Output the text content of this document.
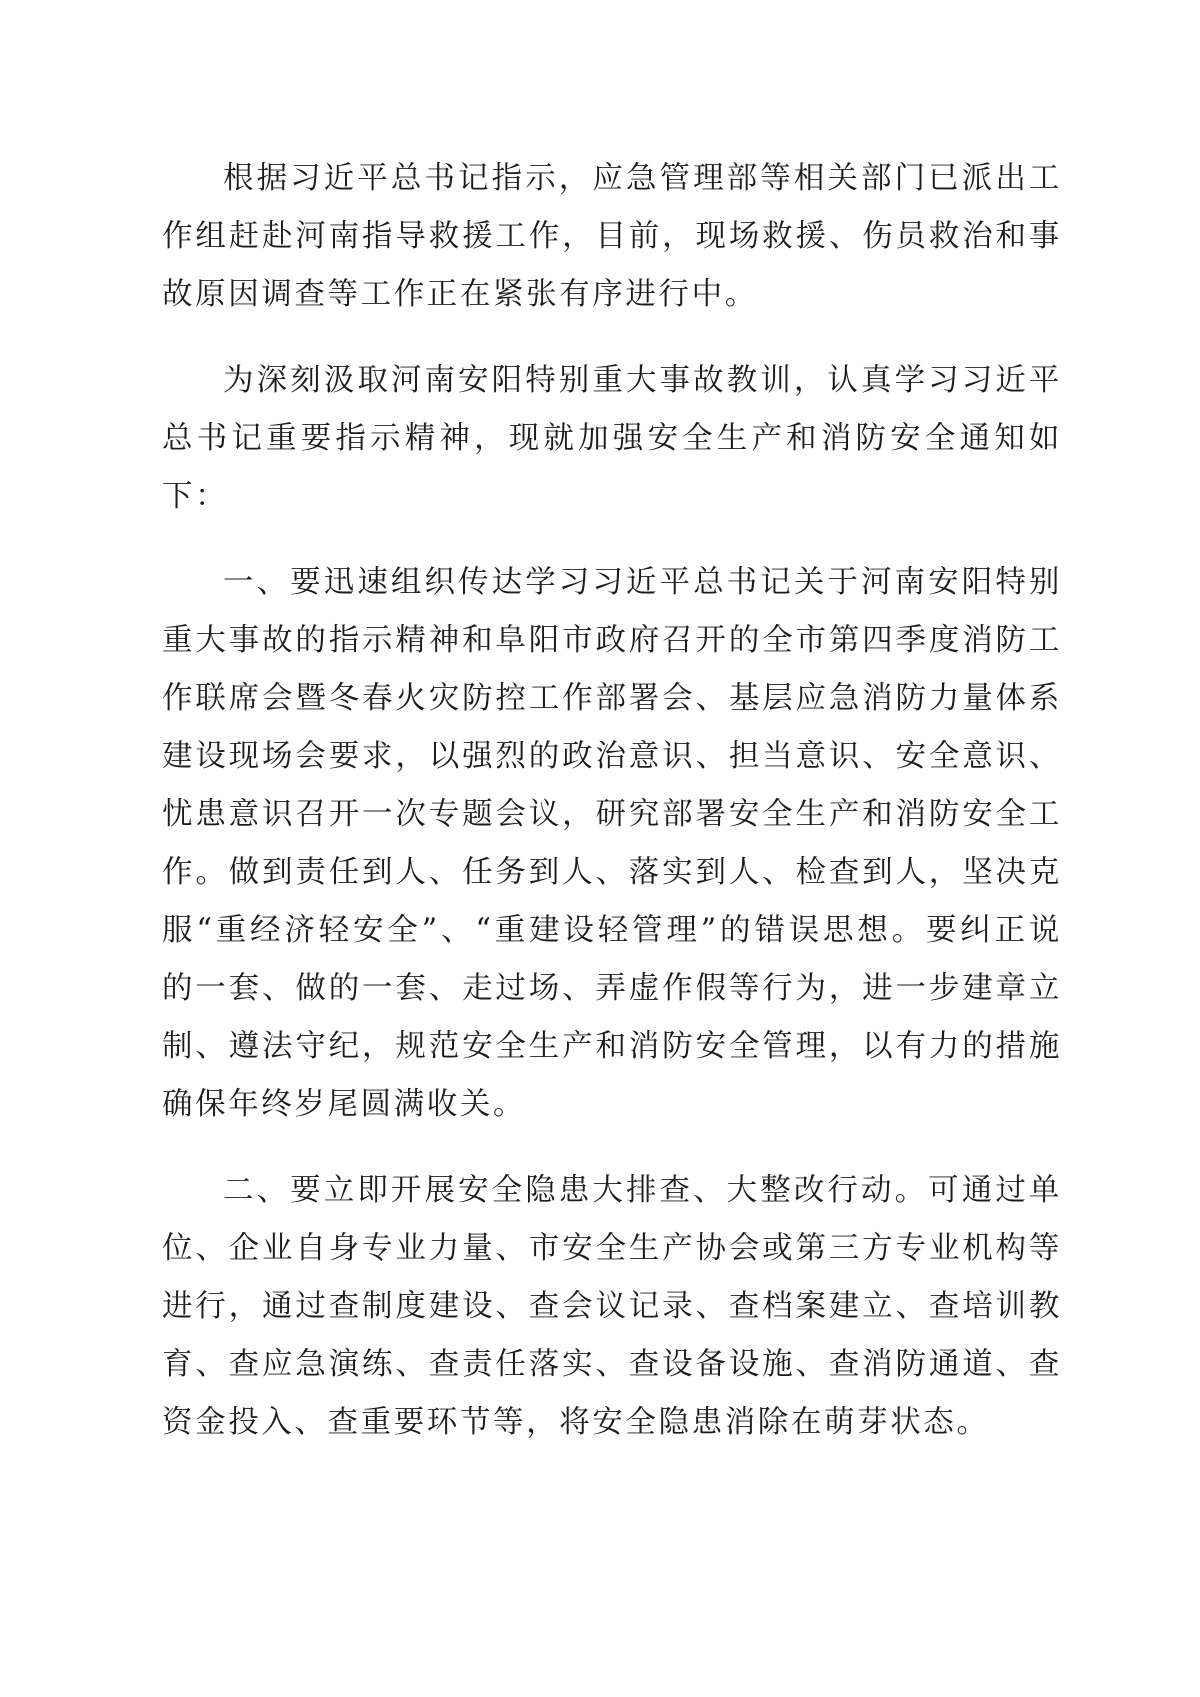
根据习近平总书记指示，应急管理部等相关部门已派出工作组赶赴河南指导救援工作，目前，现场救援、伤员救治和事故原因调查等工作正在紧张有序进行中。

为深刻汲取河南安阳特别重大事故教训，认真学习习近平总书记重要指示精神，现就加强安全生产和消防安全通知如下：

一、要迅速组织传达学习习近平总书记关于河南安阳特别重大事故的指示精神和阜阳市政府召开的全市第四季度消防工作联席会暨冬春火灾防控工作部署会、基层应急消防力量体系建设现场会要求，以强烈的政治意识、担当意识、安全意识、忧患意识召开一次专题会议，研究部署安全生产和消防安全工作。做到责任到人、任务到人、落实到人、检查到人，坚决克服“重经济轻安全”、“重建设轻管理”的错误思想。要纠正说的一套、做的一套、走过场、弄虚作假等行为，进一步建章立制、遵法守纪，规范安全生产和消防安全管理，以有力的措施确保年终岁尾圆满收关。

二、要立即开展安全隐患大排查、大整改行动。可通过单位、企业自身专业力量、市安全生产协会或第三方专业机构等进行，通过查制度建设、查会议记录、查档案建立、查培训教育、查应急演练、查责任落实、查设备设施、查消防通道、查资金投入、查重要环节等，将安全隐患消除在萌芽状态。
